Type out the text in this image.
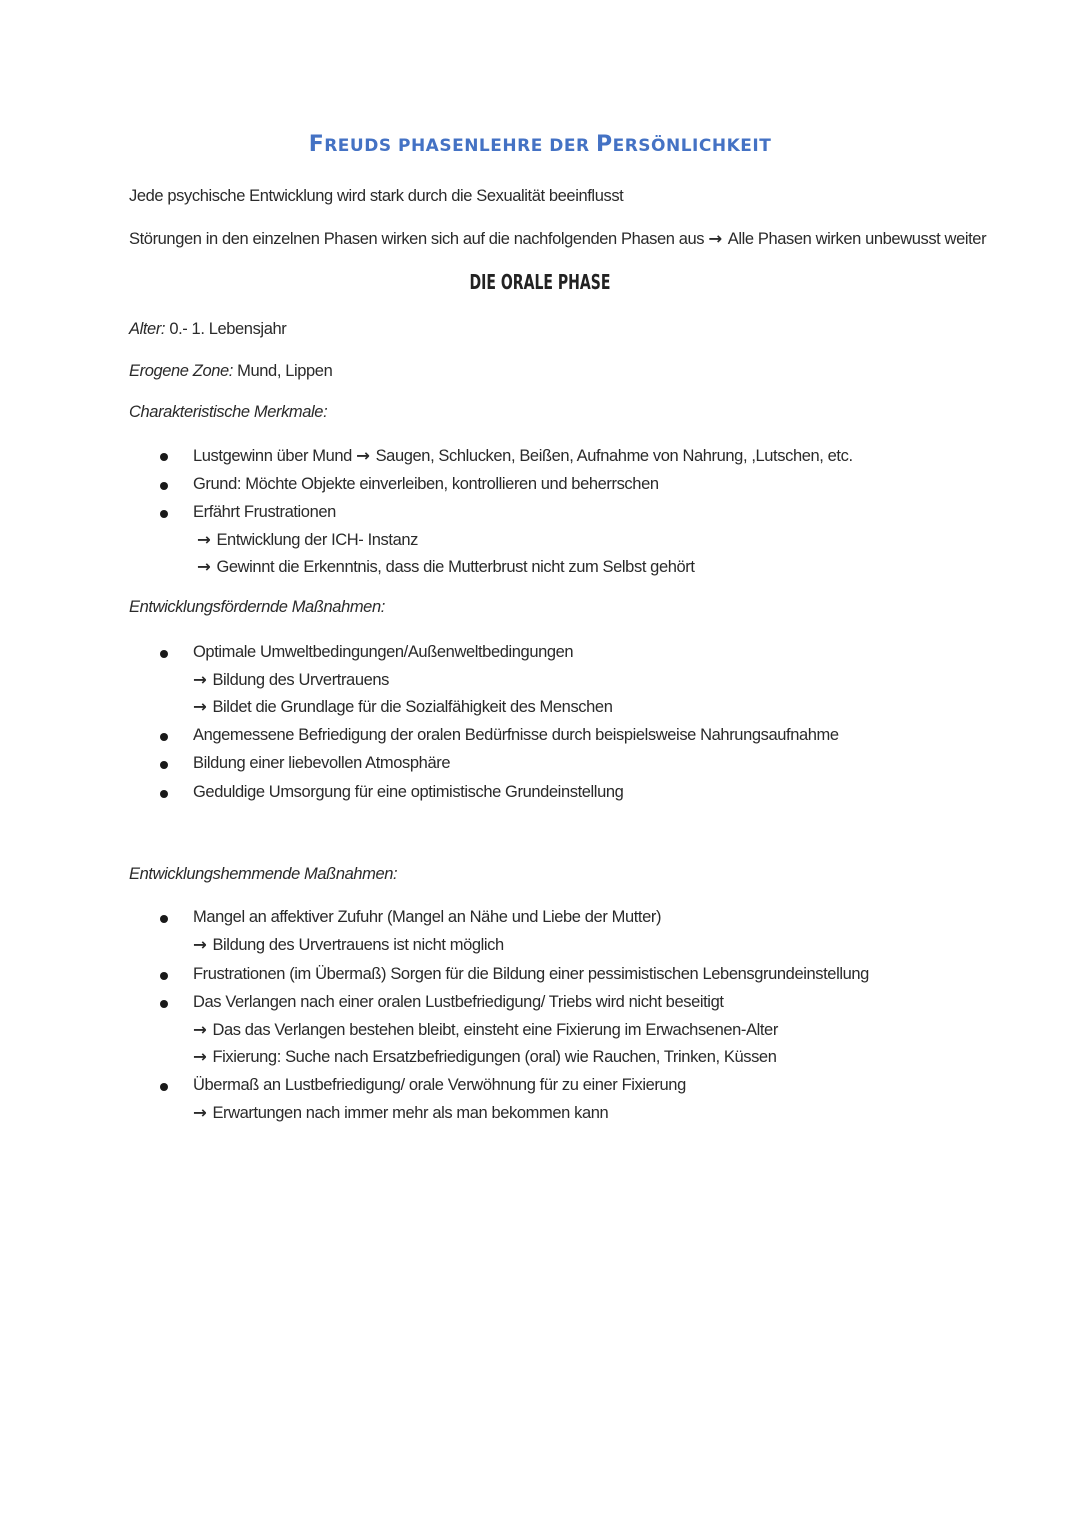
FREUDS PHASENLEHRE DER PERSÖNLICHKEIT
Jede psychische Entwicklung wird stark durch die Sexualität beeinflusst
Störungen in den einzelnen Phasen wirken sich auf die nachfolgenden Phasen aus → Alle Phasen wirken unbewusst weiter
DIE ORALE PHASE
Alter: 0.- 1. Lebensjahr
Erogene Zone: Mund, Lippen
Charakteristische Merkmale:
Lustgewinn über Mund → Saugen, Schlucken, Beißen, Aufnahme von Nahrung, ,Lutschen, etc.
Grund: Möchte Objekte einverleiben, kontrollieren und beherrschen
Erfährt Frustrationen
→ Entwicklung der ICH- Instanz
→ Gewinnt die Erkenntnis, dass die Mutterbrust nicht zum Selbst gehört
Entwicklungsfördernde Maßnahmen:
Optimale Umweltbedingungen/Außenweltbedingungen
→ Bildung des Urvertrauens
→ Bildet die Grundlage für die Sozialfähigkeit des Menschen
Angemessene Befriedigung der oralen Bedürfnisse durch beispielsweise Nahrungsaufnahme
Bildung einer liebevollen Atmosphäre
Geduldige Umsorgung für eine optimistische Grundeinstellung
Entwicklungshemmende Maßnahmen:
Mangel an affektiver Zufuhr (Mangel an Nähe und Liebe der Mutter)
→ Bildung des Urvertrauens ist nicht möglich
Frustrationen (im Übermaß) Sorgen für die Bildung einer pessimistischen Lebensgrundeinstellung
Das Verlangen nach einer oralen Lustbefriedigung/ Triebs wird nicht beseitigt
→ Das das Verlangen bestehen bleibt, einsteht eine Fixierung im Erwachsenen-Alter
→ Fixierung: Suche nach Ersatzbefriedigungen (oral) wie Rauchen, Trinken, Küssen
Übermaß an Lustbefriedigung/ orale Verwöhnung für zu einer Fixierung
→ Erwartungen nach immer mehr als man bekommen kann
